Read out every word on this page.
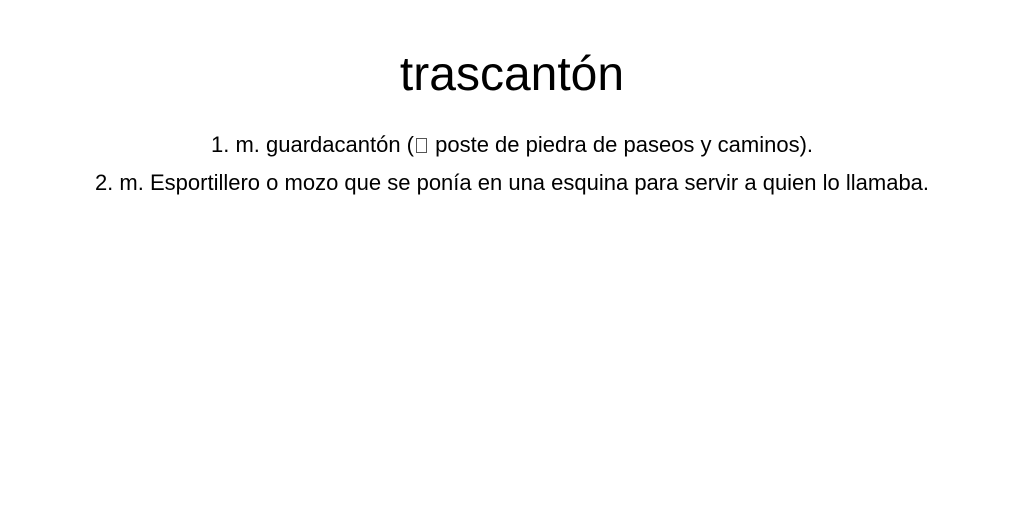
trascantón
1. m. guardacantón ( poste de piedra de paseos y caminos).
2. m. Esportillero o mozo que se ponía en una esquina para servir a quien lo llamaba.
